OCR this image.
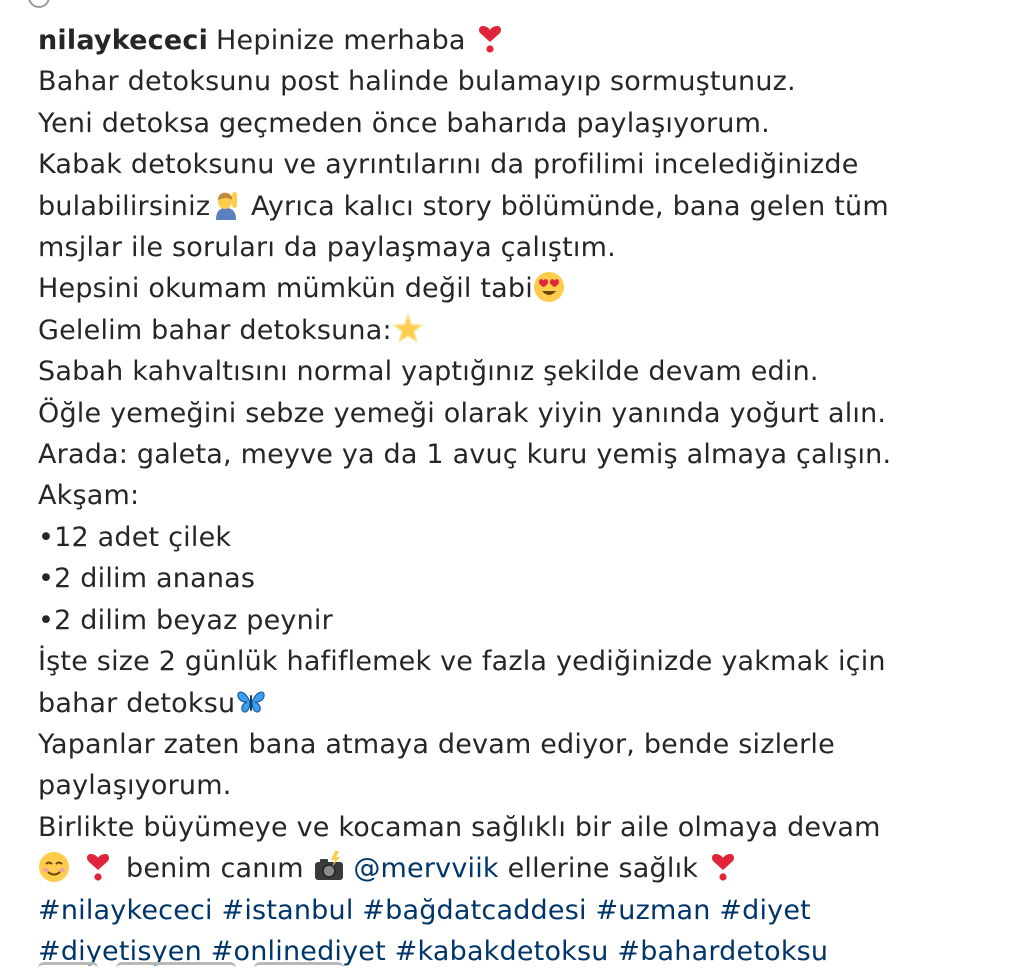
nilaykececi Hepinize merhaba
Bahar detoksunu post halinde bulamayıp sormuştunuz.
Yeni detoksa geçmeden önce baharıda paylaşıyorum.
Kabak detoksunu ve ayrıntılarını da profilimi incelediğinizde
bulabilirsiniz Ayrıca kalıcı story bölümünde, bana gelen tüm
msjlar ile soruları da paylaşmaya çalıştım.
Hepsini okumam mümkün değil tabi
Gelelim bahar detoksuna:
Sabah kahvaltısını normal yaptığınız şekilde devam edin.
Öğle yemeğini sebze yemeği olarak yiyin yanında yoğurt alın.
Arada: galeta, meyve ya da 1 avuç kuru yemiş almaya çalışın.
Akşam:
•12 adet çilek
•2 dilim ananas
•2 dilim beyaz peynir
İşte size 2 günlük hafiflemek ve fazla yediğinizde yakmak için
bahar detoksu
Yapanlar zaten bana atmaya devam ediyor, bende sizlerle
paylaşıyorum.
Birlikte büyümeye ve kocaman sağlıklı bir aile olmaya devam
benim canım @mervviik ellerine sağlık
#nilaykececi #istanbul #bağdatcaddesi #uzman #diyet
#diyetisyen #onlinediyet #kabakdetoksu #bahardetoksu
